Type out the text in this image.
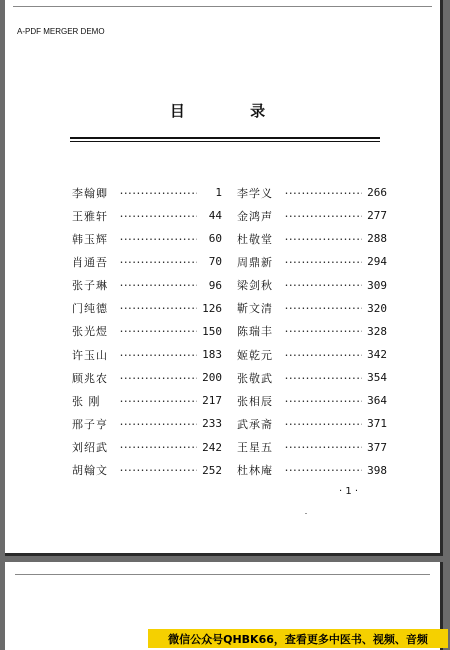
A-PDF MERGER DEMO
目 录
李翰卿 •••••	1
王雅轩 •••••	44
韩玉辉 •••••	60
肖通吾 •••••	70
张子琳 •••••	96
门纯德 •••••	126
张光煜 •••••	150
许玉山 •••••	183
顾兆农 •••••	200
张 刚 •••••	217
邢子亨 •••••	233
刘绍武 •••••	242
胡翰文 •••••	252
李学义 •••••	266
金鸿声 •••••	277
杜敬堂 •••••	288
周鼎新 •••••	294
梁剑秋 •••••	309
靳文清 •••••	320
陈瑞丰 •••••	328
姬乾元 •••••	342
张敬武 •••••	354
张相辰 •••••	364
武承斋 •••••	371
王星五 •••••	377
杜林庵 •••••	398
· 1 ·
微信公众号QHBK66，查看更多中医书、视频、音频
